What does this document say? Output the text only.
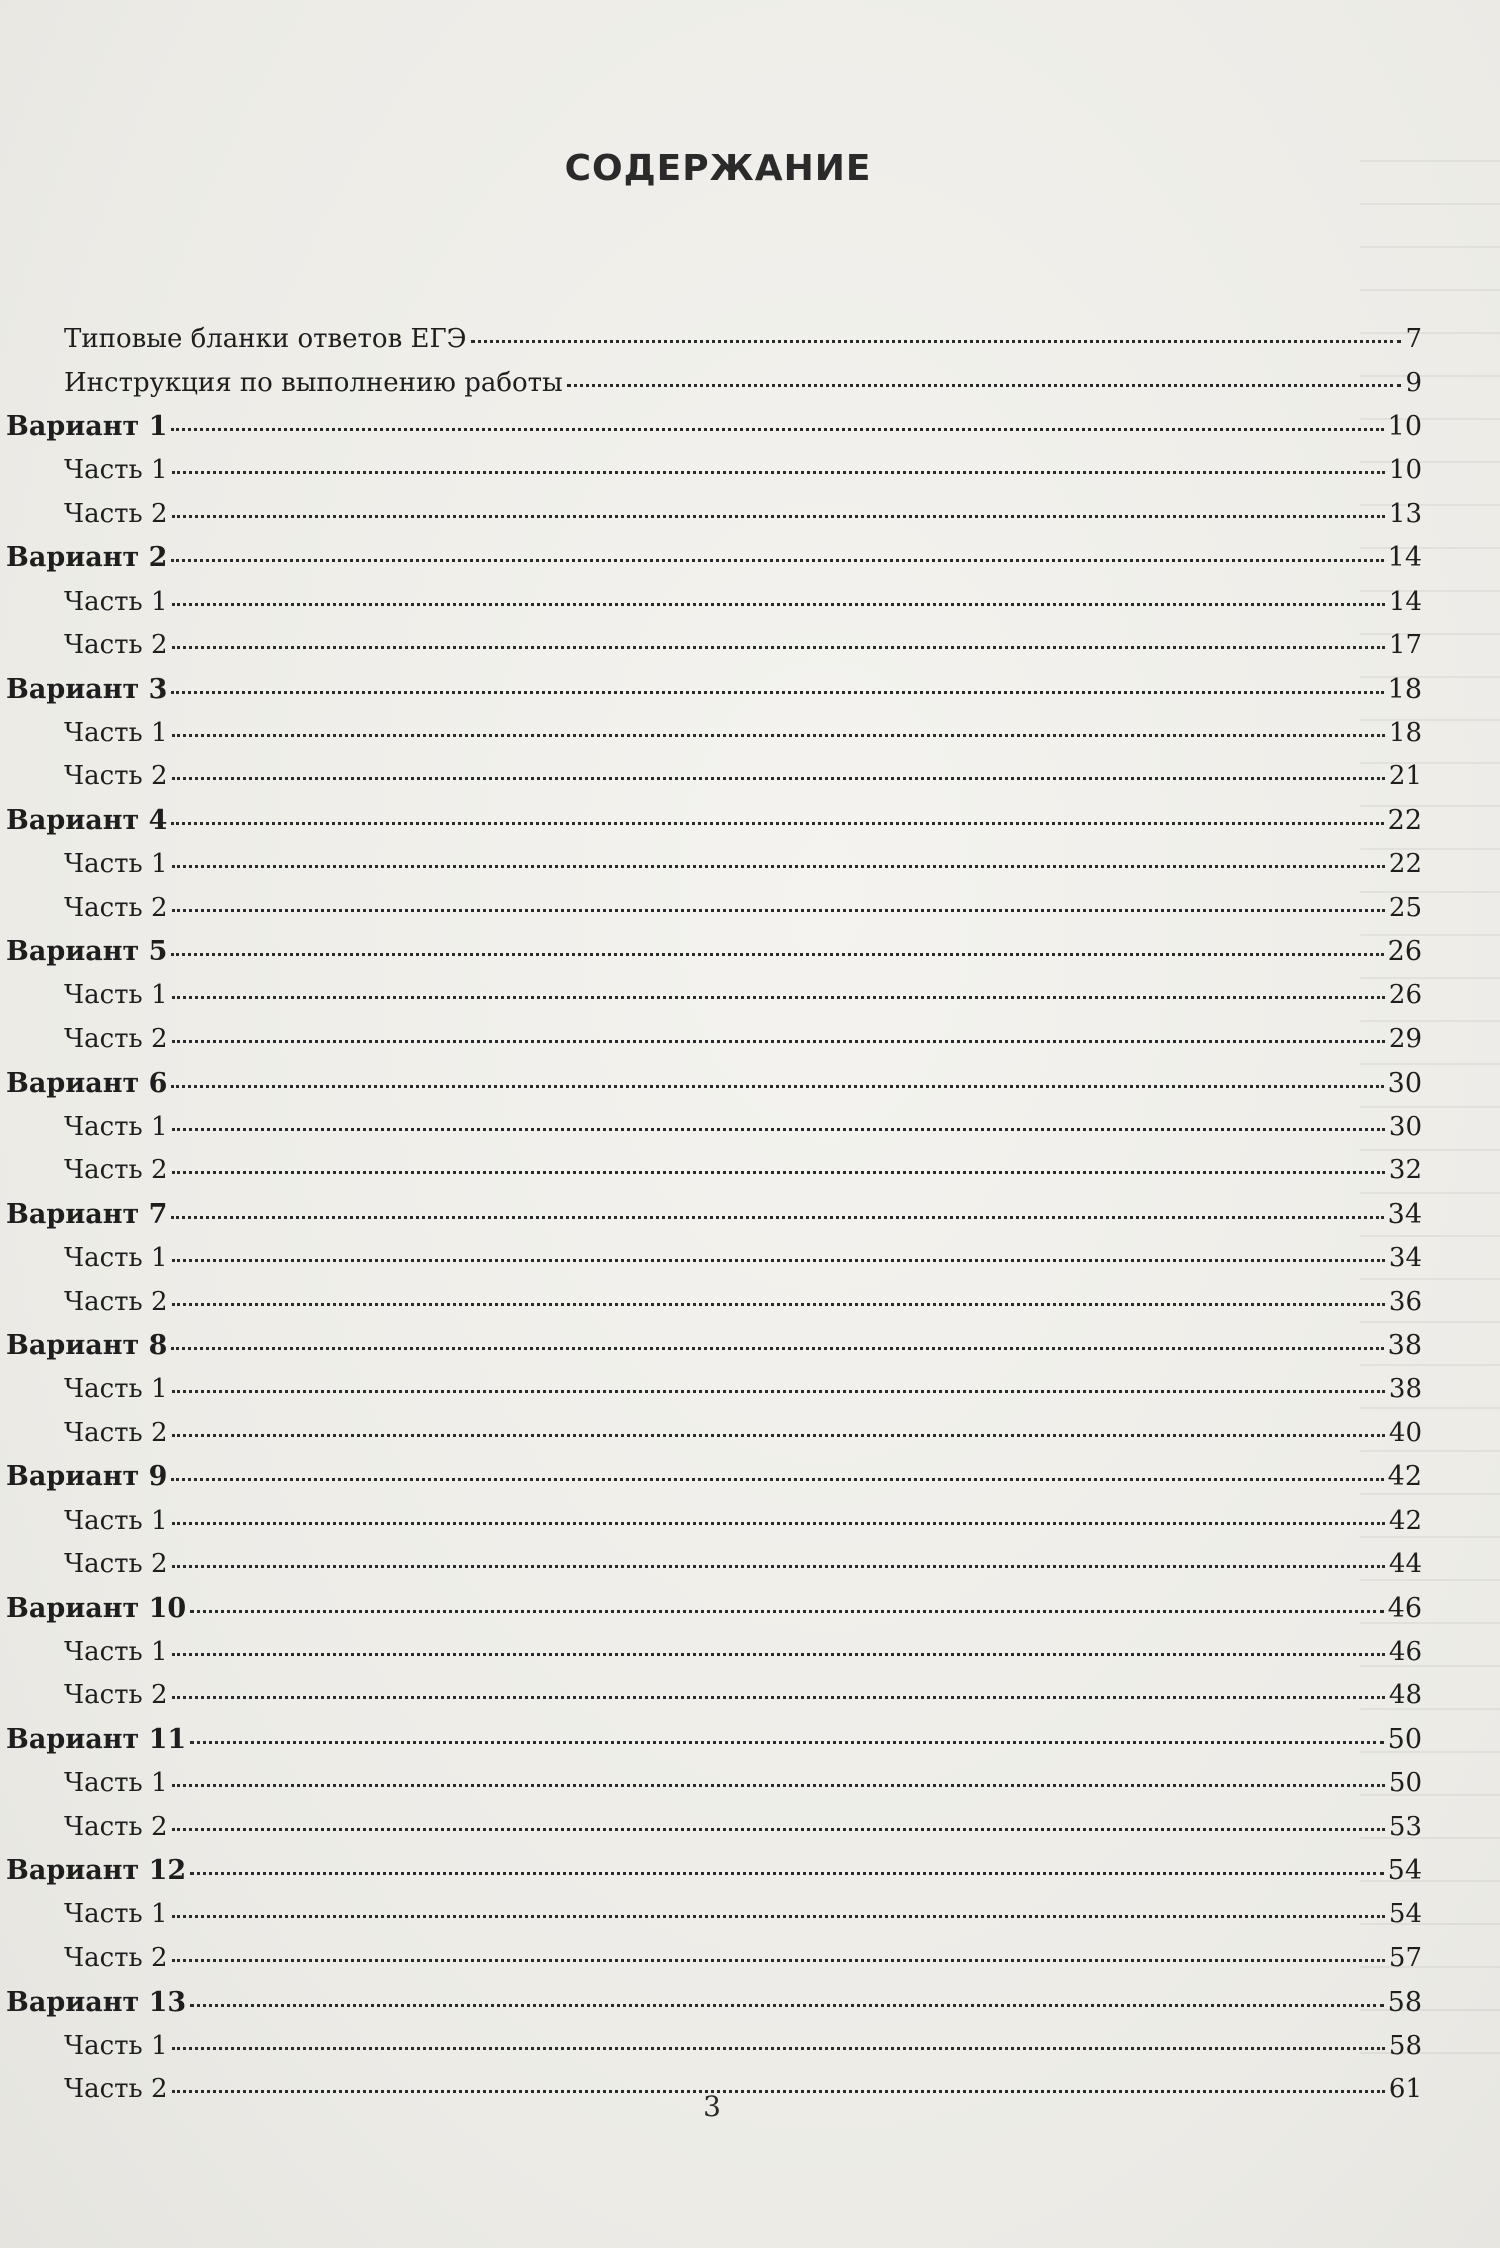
СОДЕРЖАНИЕ
Типовые бланки ответов ЕГЭ	7
Инструкция по выполнению работы	9
Вариант 1	10
Часть 1	10
Часть 2	13
Вариант 2	14
Часть 1	14
Часть 2	17
Вариант 3	18
Часть 1	18
Часть 2	21
Вариант 4	22
Часть 1	22
Часть 2	25
Вариант 5	26
Часть 1	26
Часть 2	29
Вариант 6	30
Часть 1	30
Часть 2	32
Вариант 7	34
Часть 1	34
Часть 2	36
Вариант 8	38
Часть 1	38
Часть 2	40
Вариант 9	42
Часть 1	42
Часть 2	44
Вариант 10	46
Часть 1	46
Часть 2	48
Вариант 11	50
Часть 1	50
Часть 2	53
Вариант 12	54
Часть 1	54
Часть 2	57
Вариант 13	58
Часть 1	58
Часть 2	61
3
